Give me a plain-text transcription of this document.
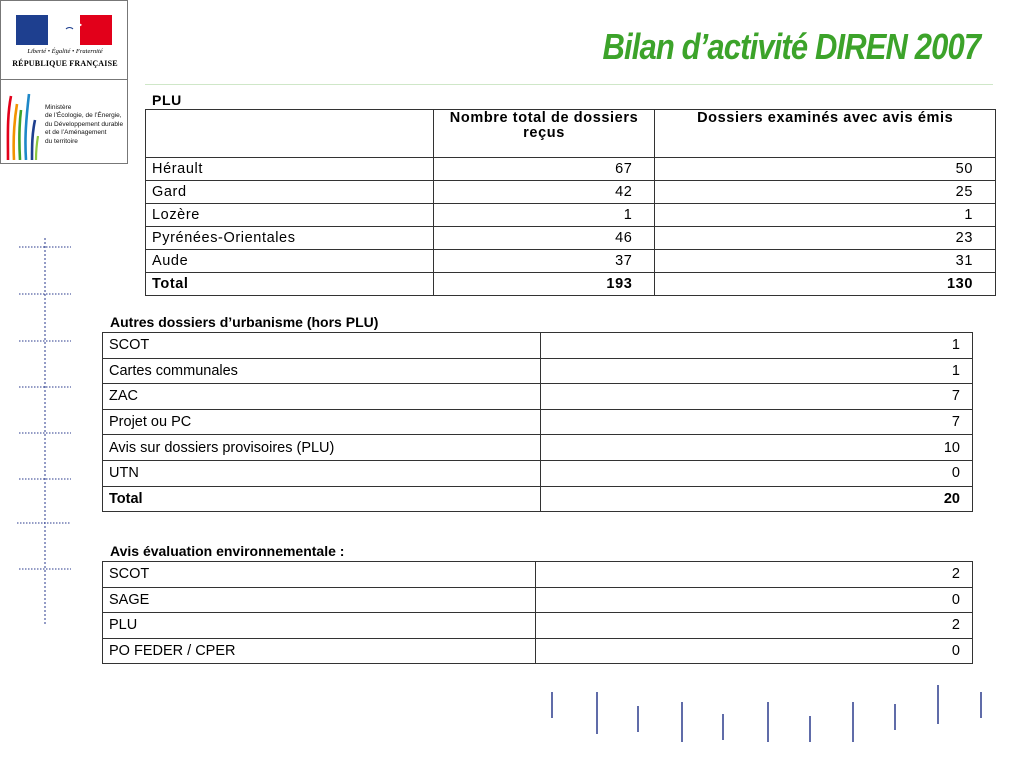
Liberté • Égalité • Fraternité
RÉPUBLIQUE FRANÇAISE
Ministère
de l’Écologie, de l’Énergie,
du Développement durable
et de l’Aménagement
du territoire
Bilan d’activité DIREN 2007
PLU
	Nombre total de dossiers reçus	Dossiers examinés avec avis émis
Hérault	67	50
Gard	42	25
Lozère	1	1
Pyrénées-Orientales	46	23
Aude	37	31
Total	193	130
Autres dossiers d’urbanisme (hors PLU)
SCOT	1
Cartes communales	1
ZAC	7
Projet ou PC	7
Avis sur dossiers provisoires (PLU)	10
UTN	0
Total	20
Avis évaluation environnementale :
SCOT	2
SAGE	0
PLU	2
PO FEDER / CPER	0
